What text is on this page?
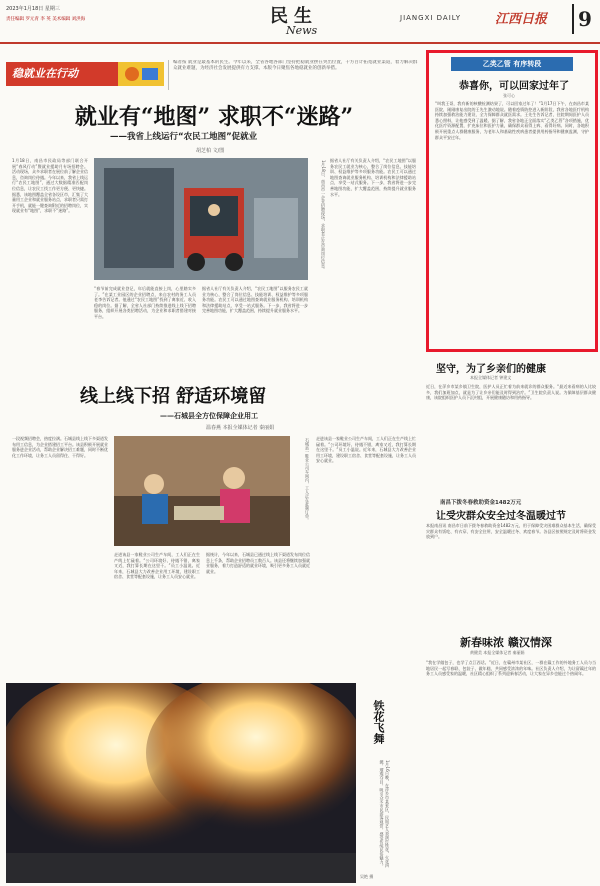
2023年1月18日 星期三
责任编辑 罗元青 李 英 美术编辑 刘洪海	民生
News
JIANGXI DAILY	江西日报	9
稳就业在行动
编者按 就业是最基本的民生。今年以来，全省各地各部门坚持把稳就业摆在突出位置，千方百计拓宽就业渠道，着力解决群众就业难题，为经济社会发展提供有力支撑。本版今日聚焦各地稳就业的创新举措。
就业有“地图” 求职不“迷路”
——我省上线运行“农民工地图”促就业
胡芝柏 文/图
1月18日，南昌市民政局等部门联合开展“春风行动”暨就业援助月专场招聘会。活动现场，众多求职者在展位前了解企业信息，咨询岗位待遇。今年以来，我省上线运行“农民工地图”，通过大数据精准匹配岗位信息，让农民工找工作更方便、更快捷。据悉，该地图覆盖全省各设区市，汇集了大量用工企业和就业服务站点，求职者只需打开手机，就能一键查询附近的招聘岗位，实现就业有“地图”，求职不“迷路”。	1月18日，南昌市一企业招聘现场，求职者正在咨询岗位信息。
“春节前完成就业登记，年后就能直接上岗，心里踏实多了。”在某工业园区的企业招聘点，来自农村的务工人员老李告诉记者。他通过“农民工地图”找到了离家近、收入稳的岗位。据了解，全省人社部门持续推进线上线下招聘服务，组织开展各类招聘活动，为企业和求职者搭建对接平台。
据省人社厅有关负责人介绍，“农民工地图”以服务农民工就业为核心，整合了岗位信息、技能培训、权益维护等多项服务功能。农民工可以通过地图查询就业服务机构、培训机构和法律援助站点，享受一站式服务。下一步，我省将进一步完善地图功能，扩大覆盖范围，持续提升就业服务水平。
据省人社厅有关负责人介绍，“农民工地图”以服务农民工就业为核心，整合了岗位信息、技能培训、权益维护等多项服务功能。农民工可以通过地图查询就业服务机构、培训机构和法律援助站点，享受一站式服务。下一步，我省将进一步完善地图功能，扩大覆盖范围，持续提升就业服务水平。
线上线下招 舒适环境留
——石城县全方位保障企业用工
温春燕 本报全媒体记者 秦丽娟
一段视频招聘会，热度拉满。石城县线上线下多渠道发布用工信息，为企业搭建招工平台。该县积极开展就业服务进企业活动，帮助企业解决招工难题，同时不断优化工作环境，让务工人员留得住、干得好。	石城县一鞋业公司车间内，工人正在赶制订单。
走进该县一家鞋业公司生产车间，工人们正在生产线上忙碌着。“公司环境好、待遇不错，离家又近，我打算长期在这里干。”员工小温说。近年来，石城县大力改善企业用工环境，建设职工宿舍、食堂等配套设施，让务工人员安心就业。
据统计，今年以来，石城县已通过线上线下渠道发布岗位信息上千条，帮助企业招聘员工数百人。该县还将继续加强就业服务，着力打造舒适的就业环境，吸引更多务工人员就近就业。
走进该县一家鞋业公司生产车间，工人们正在生产线上忙碌着。“公司环境好、待遇不错，离家又近，我打算长期在这里干。”员工小温说。近年来，石城县大力改善企业用工环境，建设职工宿舍、食堂等配套设施，让务工人员安心就业。
乙类乙管 有序转段
恭喜你，可以回家过年了
张可心
“叫我王哥，我有新的核酸检测结果了，可以回家过年了！”1月17日下午，在南昌市某医院，刚刚康复出院的王先生激动地说。随着疫情防控进入新阶段，我省各地医疗机构持续加强救治能力建设，全力保障群众就医需求。王先生告诉记者，住院期间医护人员悉心照料，让他感受到了温暖。据了解，我省各地正全面落实“乙类乙管”各项措施，优化医疗资源配置，扩充床位和医护力量，确保群众看得上病、看得好病。同时，各地积极开展重点人群健康服务，为老年人和基础性疾病患者提供用药指导和健康监测，守护群众平安过年。
坚守，为了乡亲们的健康
本报全媒体记者 钟建文
近日，在萍乡市某乡镇卫生院，医护人员正忙着为前来就诊的群众服务。“最近来看病的人比较多，我们加班加点，就是为了让乡亲们能及时得到治疗。”卫生院负责人说。为保障基层群众健康，该院组织医护人员下沉村组，开展健康随访和用药指导。
南昌下拨冬春救助资金1482万元
让受灾群众安全过冬温暖过节
本报南昌讯 南昌市日前下拨冬春救助资金1482万元，用于保障受灾困难群众基本生活，确保受灾群众有饭吃、有衣穿、有安全住所，安全温暖过冬、欢度春节。各县区按照规定及时将资金发放到户。
新春味浓 赣汉情深
黄健美 本报全媒体记者 秦丽娟
“我在学做包子，也学了点江西话。”近日，在赣州市某社区，一群在赣工作的外地务工人员与当地居民一起写春联、包饺子、做年糕，共同感受浓浓的年味。社区负责人介绍，为让留赣过年的务工人员感受家的温暖，社区精心组织了系列迎新春活动，让大家在异乡也能过个热闹年。
铁花飞舞
1月16日晚，在萍乡市某景区，民间艺人表演打铁花，火花四溅，璀璨夺目，吸引众多市民游客观赏，感受传统民俗魅力。
吴艳 摄
